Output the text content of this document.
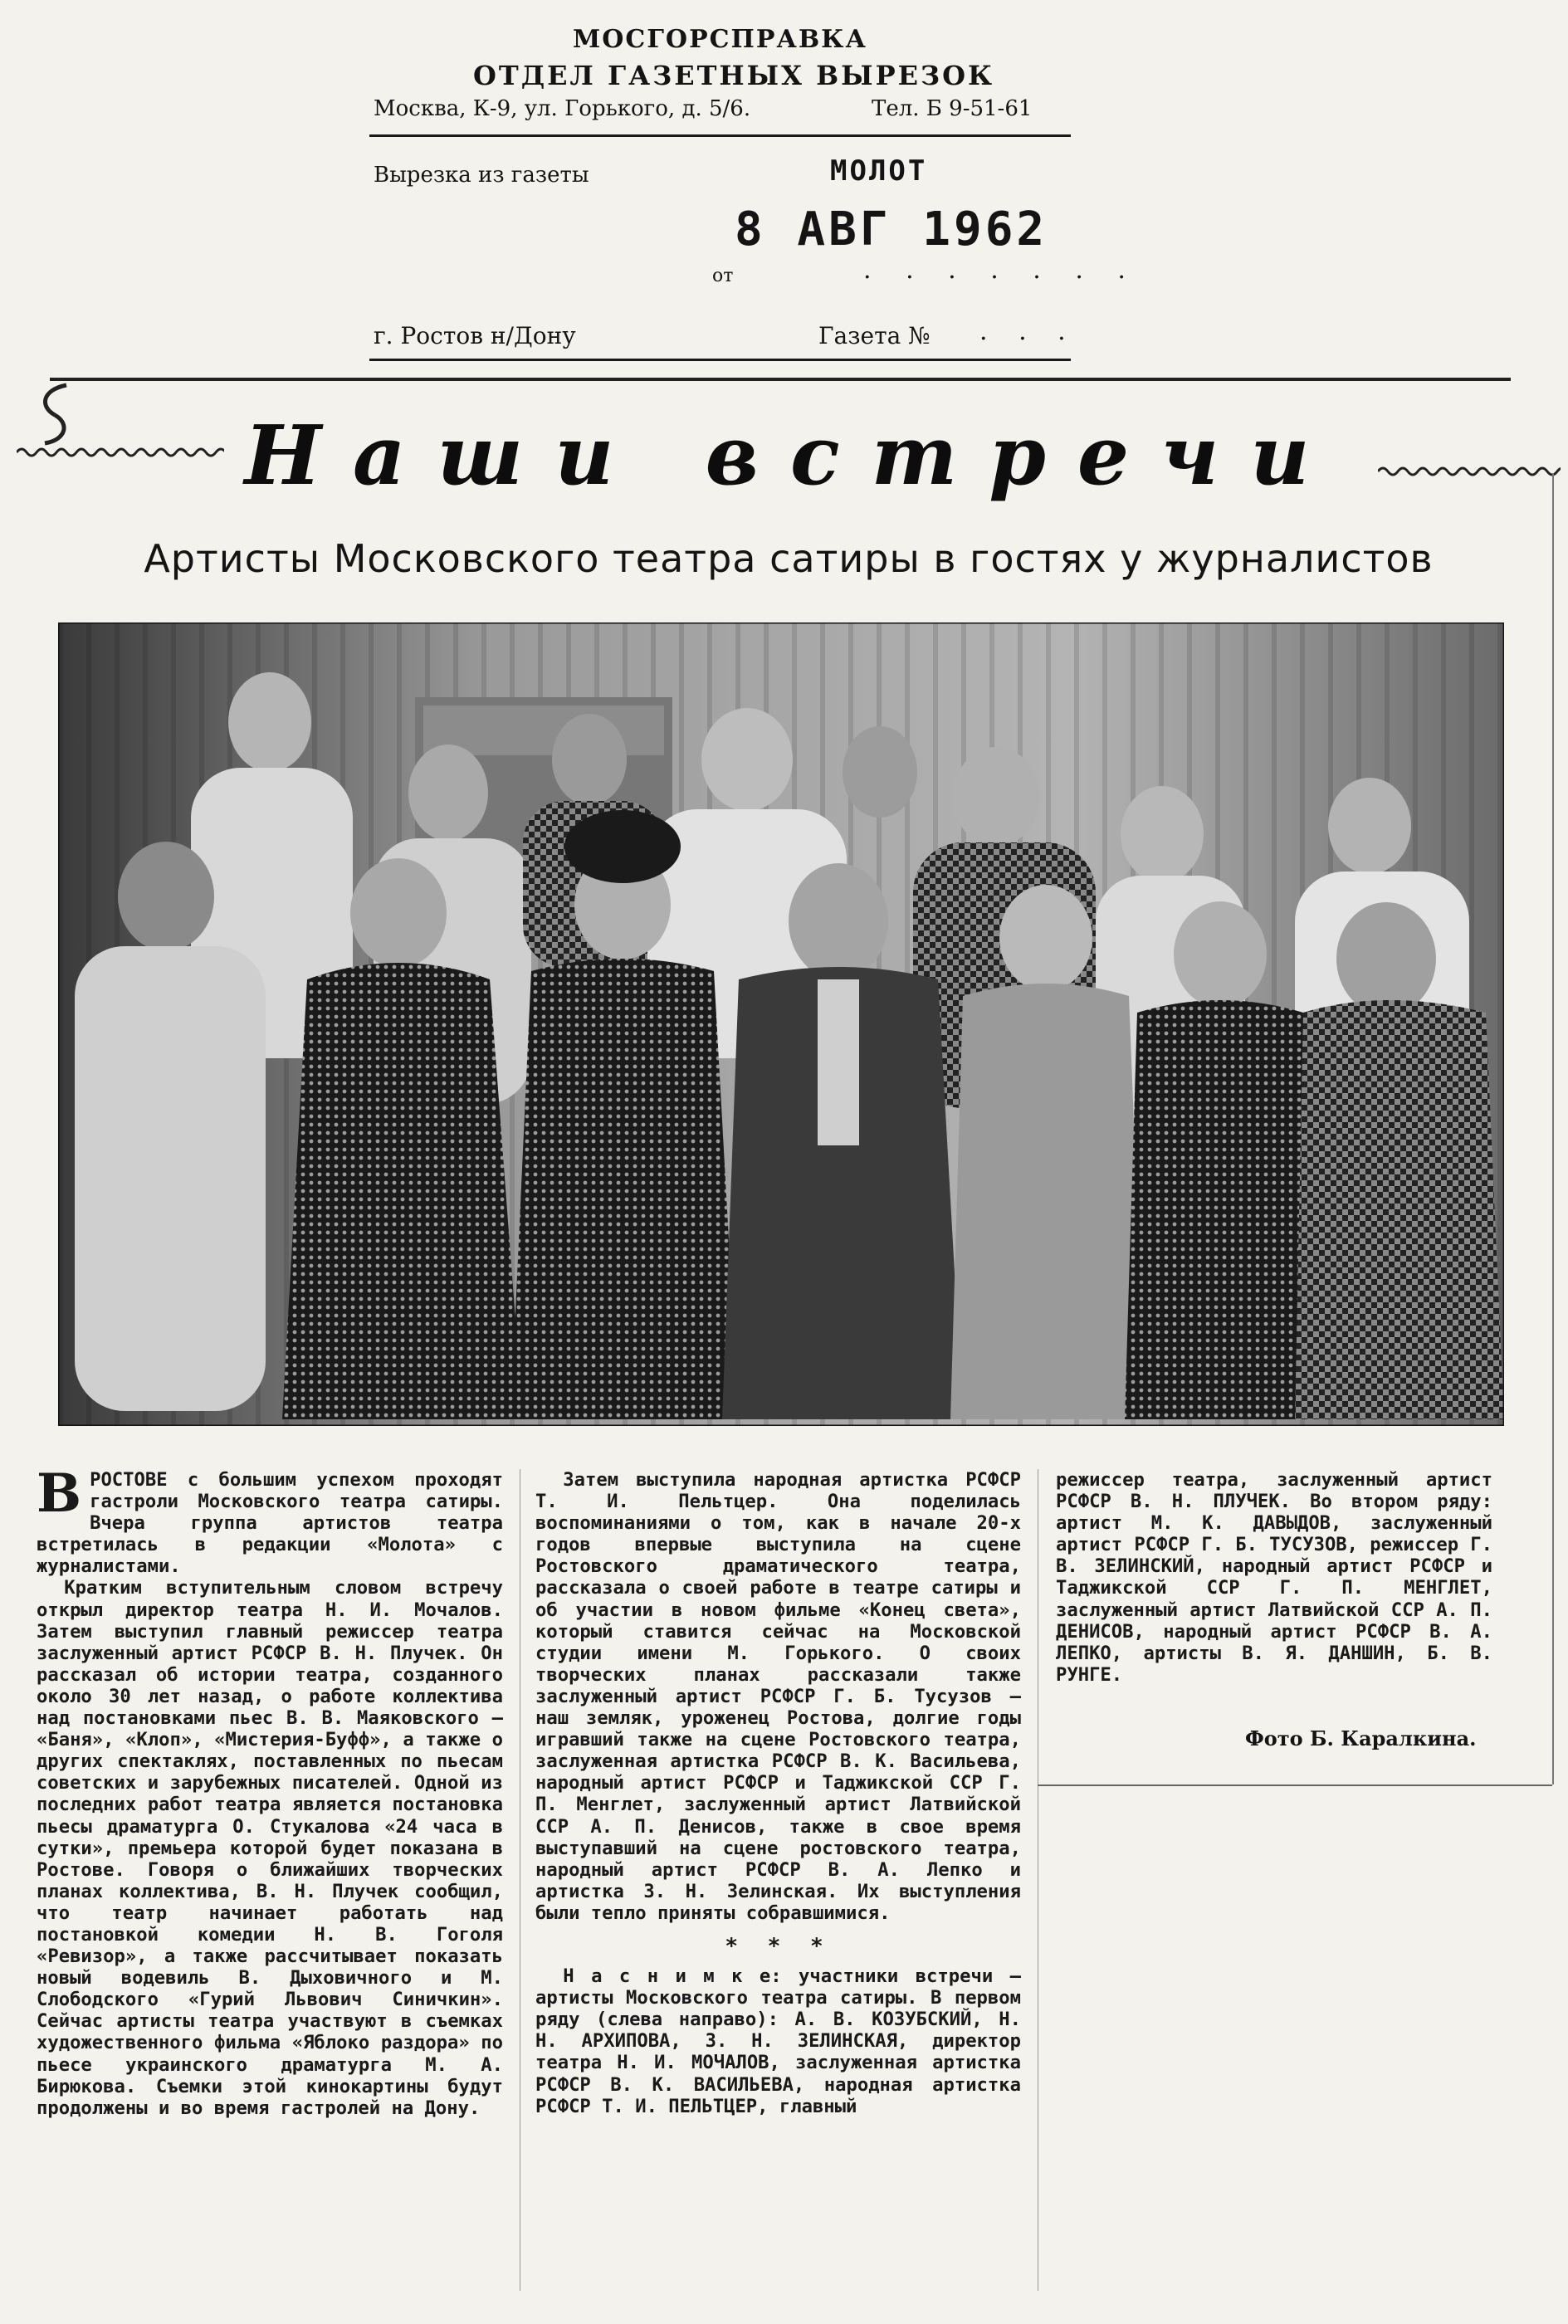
МОСГОРСПРАВКА
ОТДЕЛ ГАЗЕТНЫХ ВЫРЕЗОК
Москва, К-9, ул. Горького, д. 5/6.	Тел. Б 9-51-61
Вырезка из газеты	МОЛОТ
8 АВГ 1962
от	. . . . . . .
г. Ростов н/Дону	Газета № . . .
Наши встречи
Артисты Московского театра сатиры в гостях у журналистов

ВРОСТОВЕ с большим успехом проходят гастроли Московского театра сатиры. Вчера группа артистов театра встретилась в редакции «Молота» с журналистами.

Кратким вступительным словом встречу открыл директор театра Н. И. Мочалов. Затем выступил главный режиссер театра заслуженный артист РСФСР В. Н. Плучек. Он рассказал об истории театра, созданного около 30 лет назад, о работе коллектива над постановками пьес В. В. Маяковского — «Баня», «Клоп», «Мистерия-Буфф», а также о других спектаклях, поставленных по пьесам советских и зарубежных писателей. Одной из последних работ театра является постановка пьесы драматурга О. Стукалова «24 часа в сутки», премьера которой будет показана в Ростове. Говоря о ближайших творческих планах коллектива, В. Н. Плучек сообщил, что театр начинает работать над постановкой комедии Н. В. Гоголя «Ревизор», а также рассчитывает показать новый водевиль В. Дыховичного и М. Слободского «Гурий Львович Синичкин». Сейчас артисты театра участвуют в съемках художественного фильма «Яблоко раздора» по пьесе украинского драматурга М. А. Бирюкова. Съемки этой кинокартины будут продолжены и во время гастролей на Дону.

Затем выступила народная артистка РСФСР Т. И. Пельтцер. Она поделилась воспоминаниями о том, как в начале 20-х годов впервые выступила на сцене Ростовского драматического театра, рассказала о своей работе в театре сатиры и об участии в новом фильме «Конец света», который ставится сейчас на Московской студии имени М. Горького. О своих творческих планах рассказали также заслуженный артист РСФСР Г. Б. Тусузов — наш земляк, уроженец Ростова, долгие годы игравший также на сцене Ростовского театра, заслуженная артистка РСФСР В. К. Васильева, народный артист РСФСР и Таджикской ССР Г. П. Менглет, заслуженный артист Латвийской ССР А. П. Денисов, также в свое время выступавший на сцене ростовского театра, народный артист РСФСР В. А. Лепко и артистка З. Н. Зелинская. Их выступления были тепло приняты собравшимися.

* * *

Н а с н и м к е: участники встречи — артисты Московского театра сатиры. В первом ряду (слева направо): А. В. КОЗУБСКИЙ, Н. Н. АРХИПОВА, З. Н. ЗЕЛИНСКАЯ, директор театра Н. И. МОЧАЛОВ, заслуженная артистка РСФСР В. К. ВАСИЛЬЕВА, народная артистка РСФСР Т. И. ПЕЛЬТЦЕР, главный

режиссер театра, заслуженный артист РСФСР В. Н. ПЛУЧЕК. Во втором ряду: артист М. К. ДАВЫДОВ, заслуженный артист РСФСР Г. Б. ТУСУЗОВ, режиссер Г. В. ЗЕЛИНСКИЙ, народный артист РСФСР и Таджикской ССР Г. П. МЕНГЛЕТ, заслуженный артист Латвийской ССР А. П. ДЕНИСОВ, народный артист РСФСР В. А. ЛЕПКО, артисты В. Я. ДАНШИН, Б. В. РУНГЕ.

Фото Б. Каралкина.
